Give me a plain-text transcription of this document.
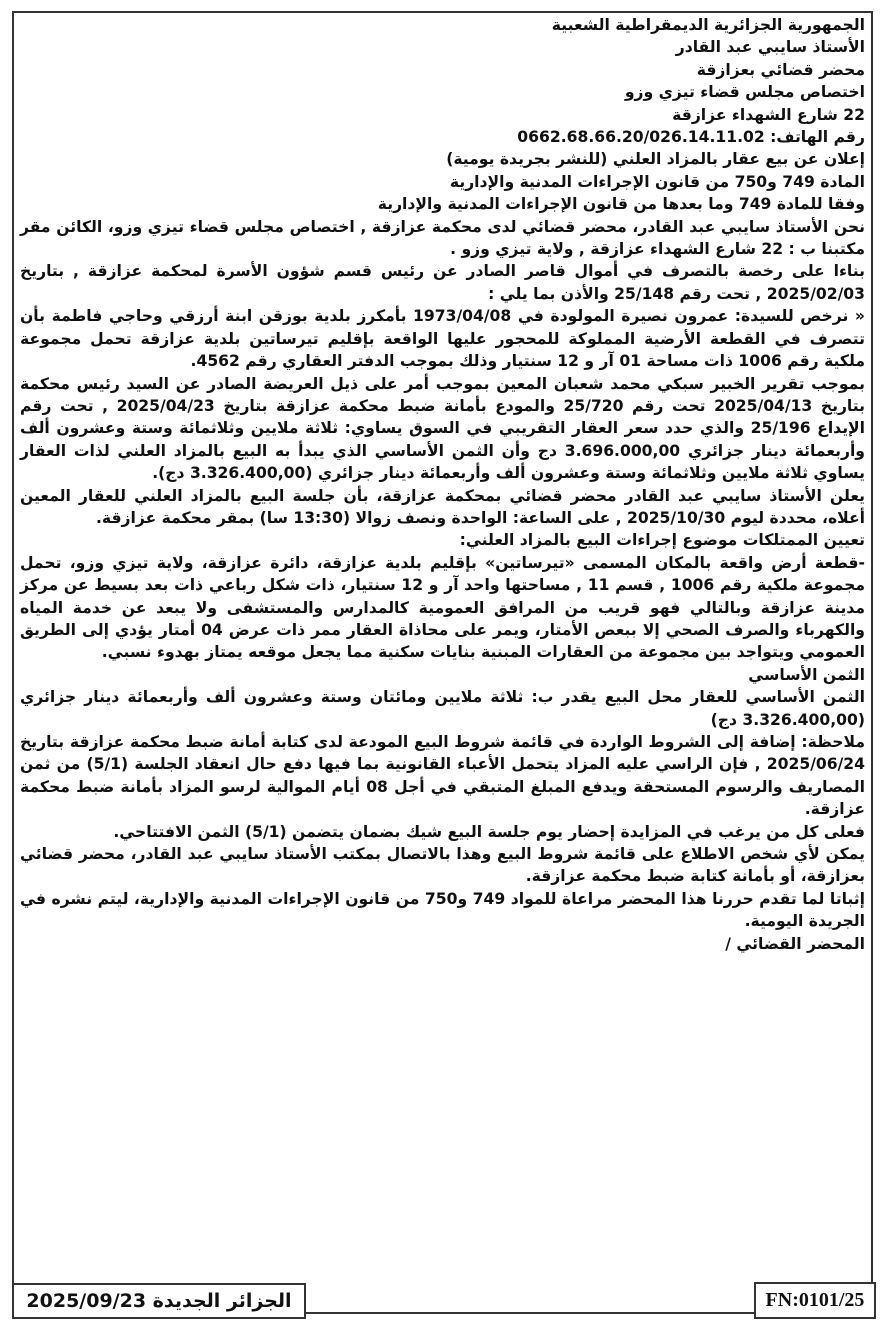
الجمهورية الجزائرية الديمقراطية الشعبية

الأستاذ سايبي عبد القادر

محضر قضائي بعزازقة

اختصاص مجلس قضاء تيزي وزو

22 شارع الشهداء عزازقة

رقم الهاتف: 0662.68.66.20/026.14.11.02

إعلان عن بيع عقار بالمزاد العلني (للنشر بجريدة يومية)

المادة 749 و750 من قانون الإجراءات المدنية والإدارية

وفقا للمادة 749 وما بعدها من قانون الإجراءات المدنية والإدارية

نحن الأستاذ سايبي عبد القادر، محضر قضائي لدى محكمة عزازقة , اختصاص مجلس قضاء تيزي وزو، الكائن مقر مكتبنا ب : 22 شارع الشهداء عزازقة , ولاية تيزي وزو .

بناءا على رخصة بالتصرف في أموال قاصر الصادر عن رئيس قسم شؤون الأسرة لمحكمة عزازقة , بتاريخ 2025/02/03 , تحت رقم 25/148 والأذن بما يلي :

« نرخص للسيدة: عمرون نصيرة المولودة في 1973/04/08 بأمكرز بلدية بوزقن ابنة أرزقي وحاجي فاطمة بأن تتصرف في القطعة الأرضية المملوكة للمحجور عليها الواقعة بإقليم تيرساتين بلدية عزازقة تحمل مجموعة ملكية رقم 1006 ذات مساحة 01 آر و 12 سنتيار وذلك بموجب الدفتر العقاري رقم 4562.

بموجب تقرير الخبير سبكي محمد شعبان المعين بموجب أمر على ذيل العريضة الصادر عن السيد رئيس محكمة بتاريخ 2025/04/13 تحت رقم 25/720 والمودع بأمانة ضبط محكمة عزازقة بتاريخ 2025/04/23 , تحت رقم الإيداع 25/196 والذي حدد سعر العقار التقريبي في السوق يساوي: ثلاثة ملايين وثلاثمائة وستة وعشرون ألف وأربعمائة دينار جزائري 3.696.000,00 دج وأن الثمن الأساسي الذي يبدأ به البيع بالمزاد العلني لذات العقار يساوي ثلاثة ملايين وثلاثمائة وستة وعشرون ألف وأربعمائة دينار جزائري (3.326.400,00 دج).

يعلن الأستاذ سايبي عبد القادر محضر قضائي بمحكمة عزازقة، بأن جلسة البيع بالمزاد العلني للعقار المعين أعلاه، محددة ليوم 2025/10/30 , على الساعة: الواحدة ونصف زوالا (13:30 سا) بمقر محكمة عزازقة.

تعيين الممتلكات موضوع إجراءات البيع بالمزاد العلني:

-قطعة أرض واقعة بالمكان المسمى «تيرساتين» بإقليم بلدية عزازقة، دائرة عزازقة، ولاية تيزي وزو، تحمل مجموعة ملكية رقم 1006 , قسم 11 , مساحتها واحد آر و 12 سنتيار، ذات شكل رباعي ذات بعد بسيط عن مركز مدينة عزازقة وبالتالي فهو قريب من المرافق العمومية كالمدارس والمستشفى ولا يبعد عن خدمة المياه والكهرباء والصرف الصحي إلا ببعص الأمتار، ويمر على محاذاة العقار ممر ذات عرض 04 أمتار يؤدي إلى الطريق العمومي ويتواجد بين مجموعة من العقارات المبنية بنايات سكنية مما يجعل موقعه يمتاز بهدوء نسبي.

الثمن الأساسي

الثمن الأساسي للعقار محل البيع يقدر ب: ثلاثة ملايين ومائتان وستة وعشرون ألف وأربعمائة دينار جزائري (3.326.400,00 دج)

ملاحظة: إضافة إلى الشروط الواردة في قائمة شروط البيع المودعة لدى كتابة أمانة ضبط محكمة عزازقة بتاريخ 2025/06/24 , فإن الراسي عليه المزاد يتحمل الأعباء القانونية بما فيها دفع حال انعقاد الجلسة (5/1) من ثمن المصاريف والرسوم المستحقة ويدفع المبلغ المتبقي في أجل 08 أيام الموالية لرسو المزاد بأمانة ضبط محكمة عزازقة.

فعلى كل من يرغب في المزايدة إحضار يوم جلسة البيع شيك بضمان يتضمن (5/1) الثمن الافتتاحي.

يمكن لأي شخص الاطلاع على قائمة شروط البيع وهذا بالاتصال بمكتب الأستاذ سايبي عبد القادر، محضر قضائي بعزازقة، أو بأمانة كتابة ضبط محكمة عزازقة.

إثباتا لما تقدم حررنا هذا المحضر مراعاة للمواد 749 و750 من قانون الإجراءات المدنية والإدارية، ليتم نشره في الجريدة اليومية.

المحضر القضائي /

الجزائر الجديدة 2025/09/23	FN:0101/25
